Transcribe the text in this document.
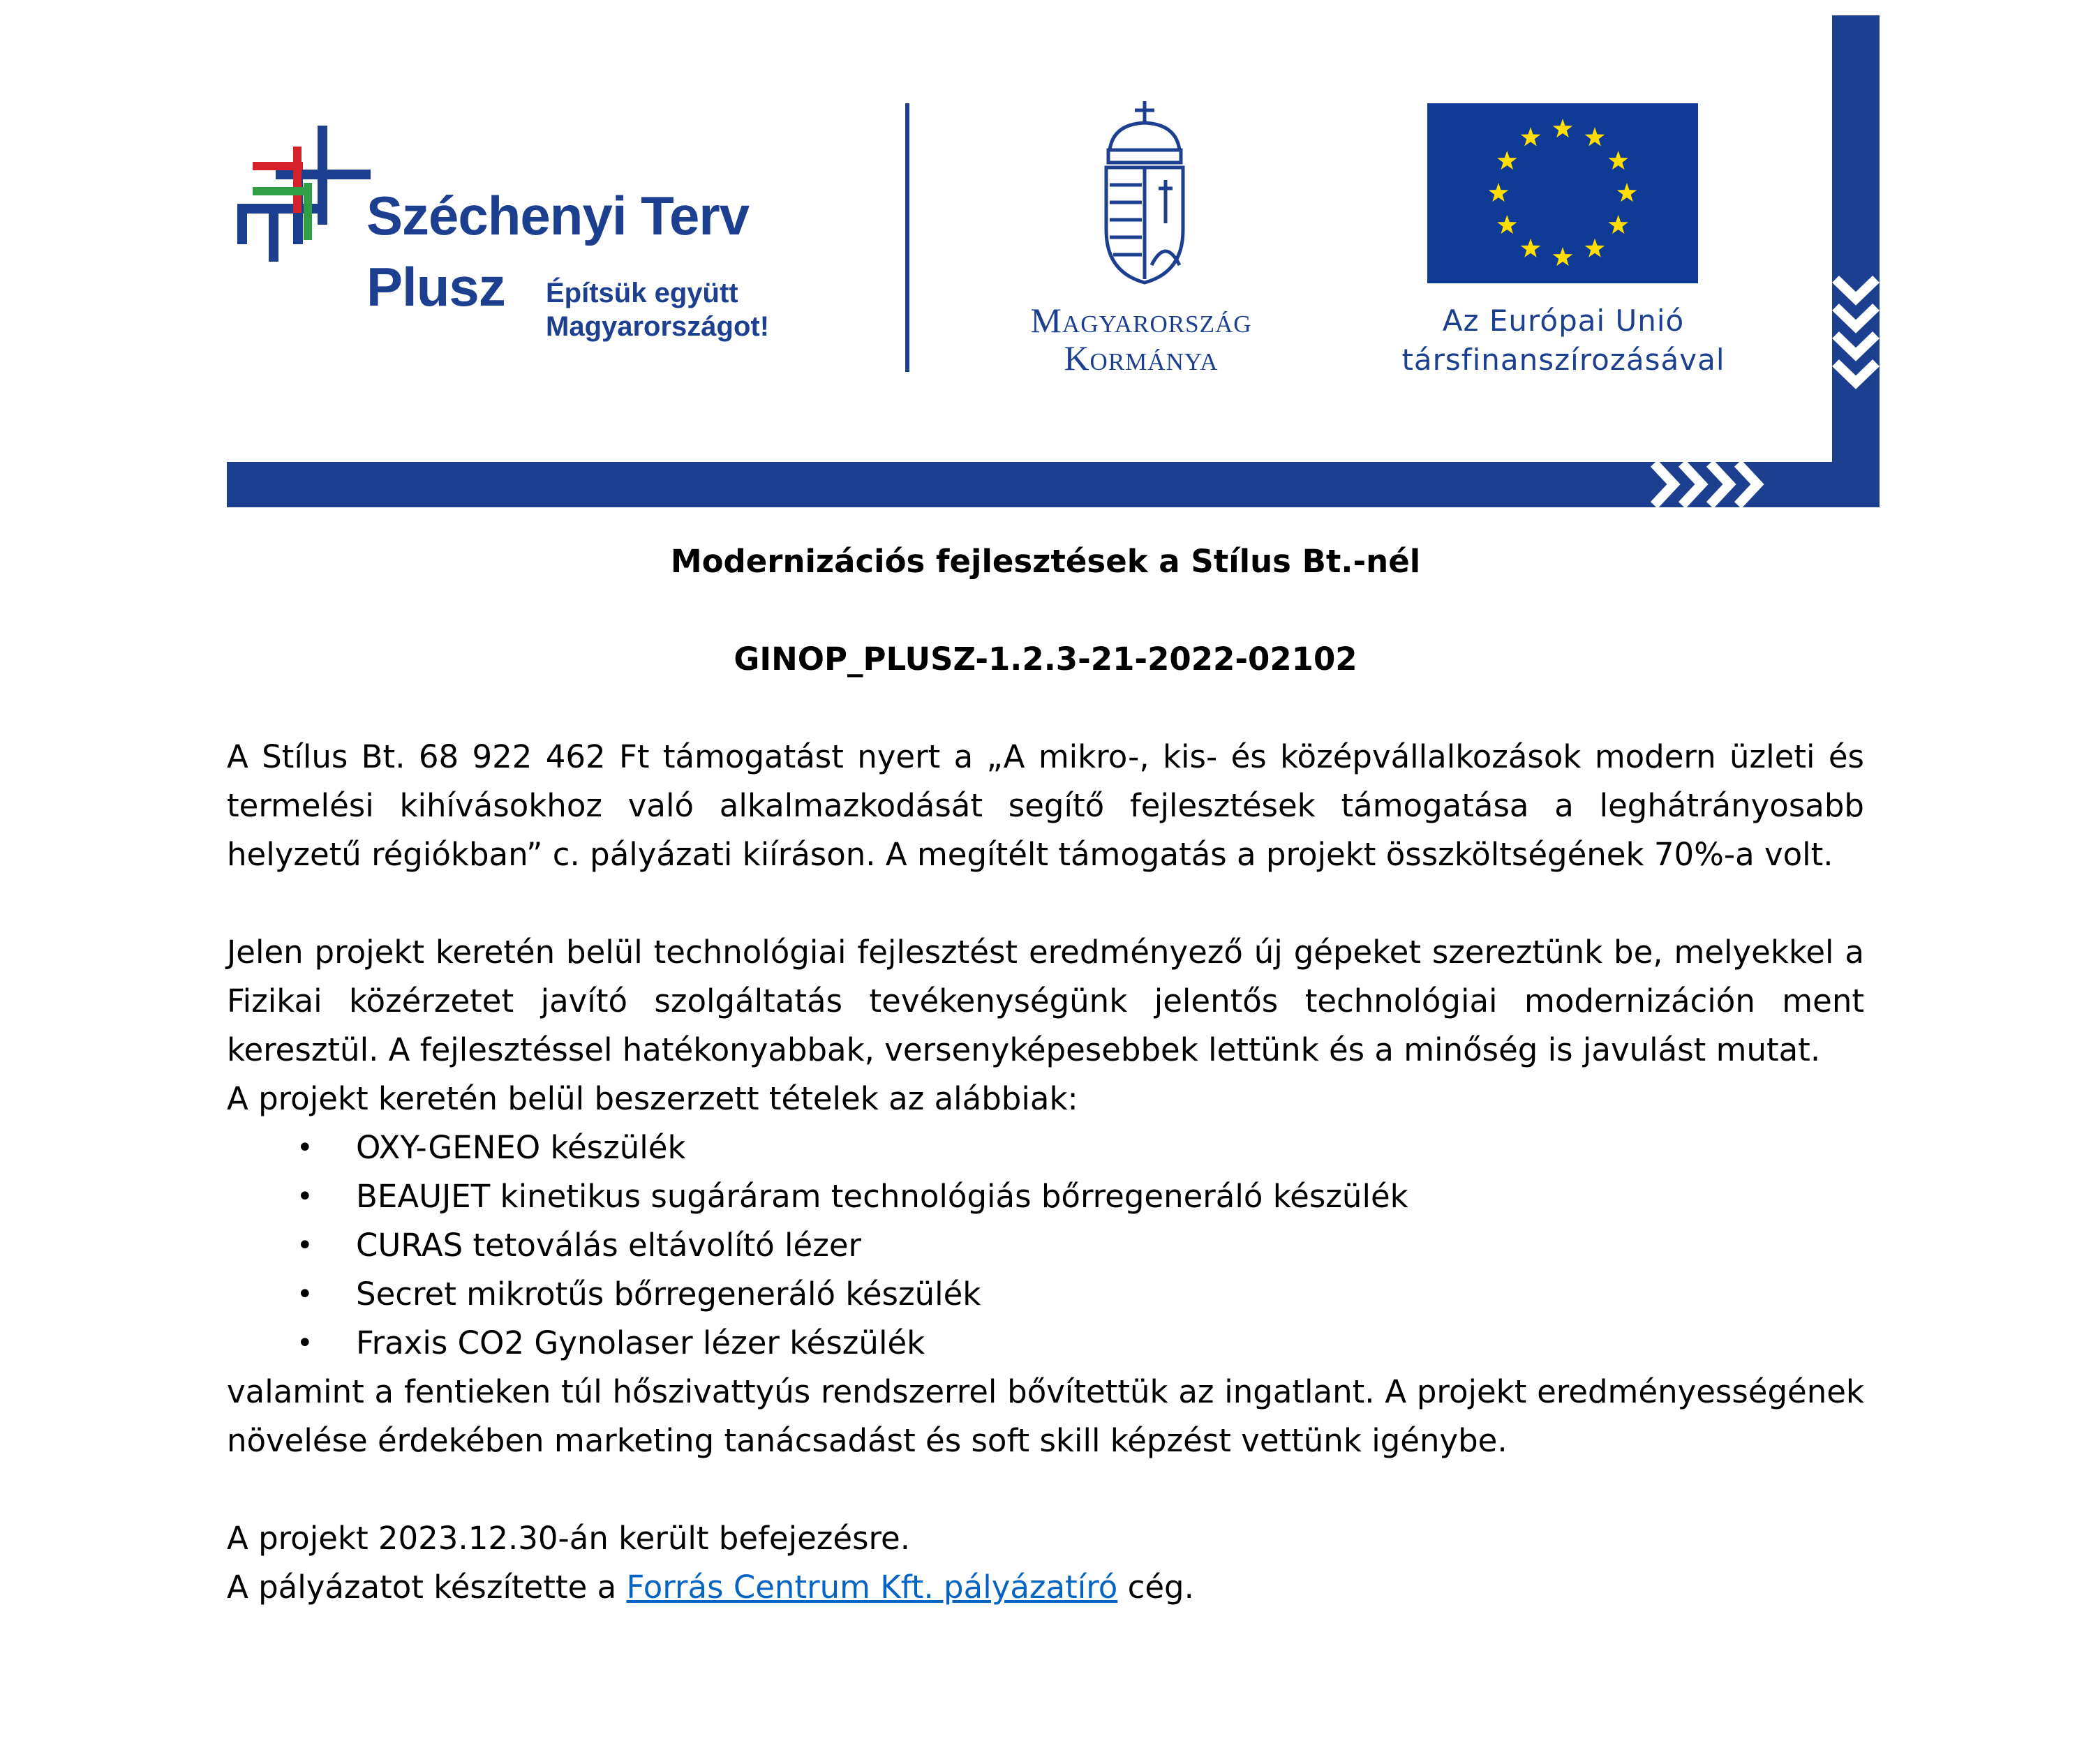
Széchenyi Terv
Plusz Építsük együtt
Magyarországot!	Magyarország
Kormánya
Az Európai Unió
társfinanszírozásával

Modernizációs fejlesztések a Stílus Bt.-nél

GINOP_PLUSZ-1.2.3-21-2022-02102

A Stílus Bt. 68 922 462 Ft támogatást nyert a „A mikro-, kis- és középvállalkozások modern üzleti és termelési kihívásokhoz való alkalmazkodását segítő fejlesztések támogatása a leghátrányosabb helyzetű régiókban” c. pályázati kiíráson. A megítélt támogatás a projekt összköltségének 70%-a volt.

Jelen projekt keretén belül technológiai fejlesztést eredményező új gépeket szereztünk be, melyekkel a Fizikai közérzetet javító szolgáltatás tevékenységünk jelentős technológiai modernizáción ment keresztül. A fejlesztéssel hatékonyabbak, versenyképesebbek lettünk és a minőség is javulást mutat.

A projekt keretén belül beszerzett tételek az alábbiak:

• OXY-GENEO készülék
• BEAUJET kinetikus sugáráram technológiás bőrregeneráló készülék
• CURAS tetoválás eltávolító lézer
• Secret mikrotűs bőrregeneráló készülék
• Fraxis CO2 Gynolaser lézer készülék

valamint a fentieken túl hőszivattyús rendszerrel bővítettük az ingatlant. A projekt eredményességének növelése érdekében marketing tanácsadást és soft skill képzést vettünk igénybe.

A projekt 2023.12.30-án került befejezésre.

A pályázatot készítette a Forrás Centrum Kft. pályázatíró cég.
